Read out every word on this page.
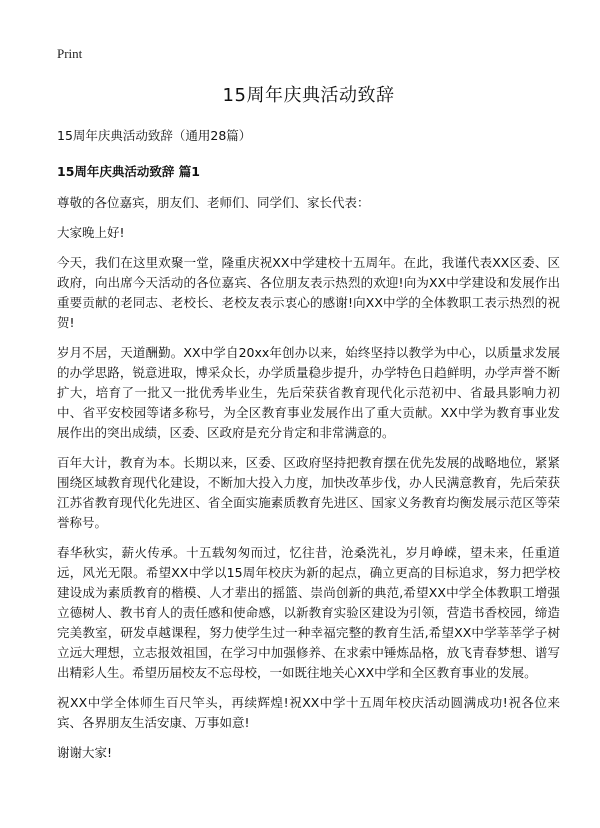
Print
15周年庆典活动致辞
15周年庆典活动致辞（通用28篇）
15周年庆典活动致辞 篇1

尊敬的各位嘉宾，朋友们、老师们、同学们、家长代表：

大家晚上好!

今天，我们在这里欢聚一堂，隆重庆祝XX中学建校十五周年。在此，我谨代表XX区委、区政府，向出席今天活动的各位嘉宾、各位朋友表示热烈的欢迎!向为XX中学建设和发展作出重要贡献的老同志、老校长、老校友表示衷心的感谢!向XX中学的全体教职工表示热烈的祝贺!

岁月不居，天道酬勤。XX中学自20xx年创办以来，始终坚持以教学为中心，以质量求发展的办学思路，锐意进取，博采众长，办学质量稳步提升，办学特色日趋鲜明，办学声誉不断扩大，培育了一批又一批优秀毕业生，先后荣获省教育现代化示范初中、省最具影响力初中、省平安校园等诸多称号，为全区教育事业发展作出了重大贡献。XX中学为教育事业发展作出的突出成绩，区委、区政府是充分肯定和非常满意的。

百年大计，教育为本。长期以来，区委、区政府坚持把教育摆在优先发展的战略地位，紧紧围绕区域教育现代化建设，不断加大投入力度，加快改革步伐，办人民满意教育，先后荣获江苏省教育现代化先进区、省全面实施素质教育先进区、国家义务教育均衡发展示范区等荣誉称号。

春华秋实，薪火传承。十五载匆匆而过，忆往昔，沧桑洗礼，岁月峥嵘，望未来，任重道远，风光无限。希望XX中学以15周年校庆为新的起点，确立更高的目标追求，努力把学校建设成为素质教育的楷模、人才辈出的摇篮、崇尚创新的典范,希望XX中学全体教职工增强立德树人、教书育人的责任感和使命感，以新教育实验区建设为引领，营造书香校园，缔造完美教室，研发卓越课程，努力使学生过一种幸福完整的教育生活,希望XX中学莘莘学子树立远大理想，立志报效祖国，在学习中加强修养、在求索中锤炼品格，放飞青春梦想、谱写出精彩人生。希望历届校友不忘母校，一如既往地关心XX中学和全区教育事业的发展。

祝XX中学全体师生百尺竿头，再续辉煌!祝XX中学十五周年校庆活动圆满成功!祝各位来宾、各界朋友生活安康、万事如意!

谢谢大家!
